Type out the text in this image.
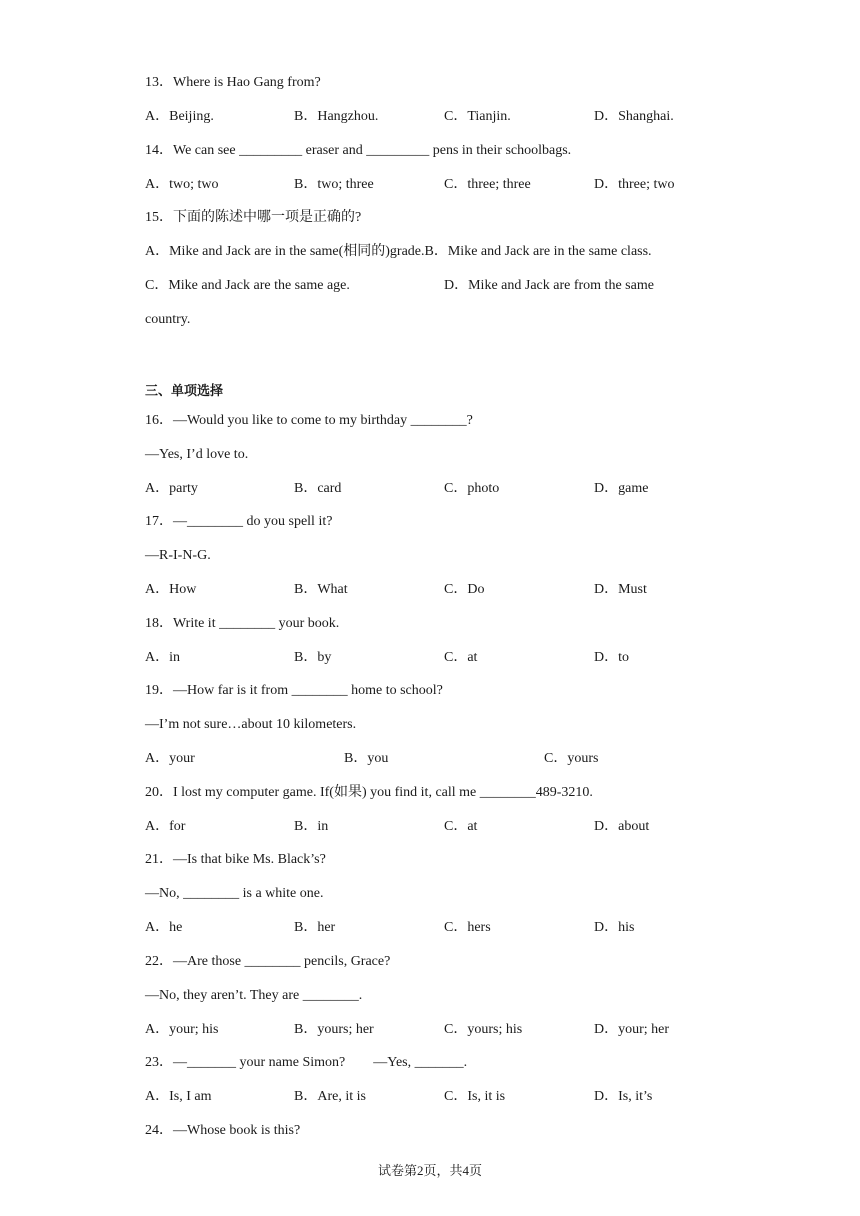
13．Where is Hao Gang from?
A．Beijing.	B．Hangzhou.	C．Tianjin.	D．Shanghai.
14．We can see _________ eraser and _________ pens in their schoolbags.
A．two; two	B．two; three	C．three; three	D．three; two
15．下面的陈述中哪一项是正确的?
A．Mike and Jack are in the same(相同的)grade.B．Mike and Jack are in the same class.
C．Mike and Jack are the same age.	D．Mike and Jack are from the same
country.
三、单项选择
16．—Would you like to come to my birthday ________?
—Yes, I’d love to.
A．party	B．card	C．photo	D．game
17．—________ do you spell it?
—R-I-N-G.
A．How	B．What	C．Do	D．Must
18．Write it ________ your book.
A．in	B．by	C．at	D．to
19．—How far is it from ________ home to school?
—I’m not sure…about 10 kilometers.
A．your	B．you	C．yours
20．I lost my computer game. If(如果) you find it, call me ________489-3210.
A．for	B．in	C．at	D．about
21．—Is that bike Ms. Black’s?
—No, ________ is a white one.
A．he	B．her	C．hers	D．his
22．—Are those ________ pencils, Grace?
—No, they aren’t. They are ________.
A．your; his	B．yours; her	C．yours; his	D．your; her
23．—_______ your name Simon?        —Yes, _______.
A．Is, I am	B．Are, it is	C．Is, it is	D．Is, it’s
24．—Whose book is this?
试卷第2页，共4页
